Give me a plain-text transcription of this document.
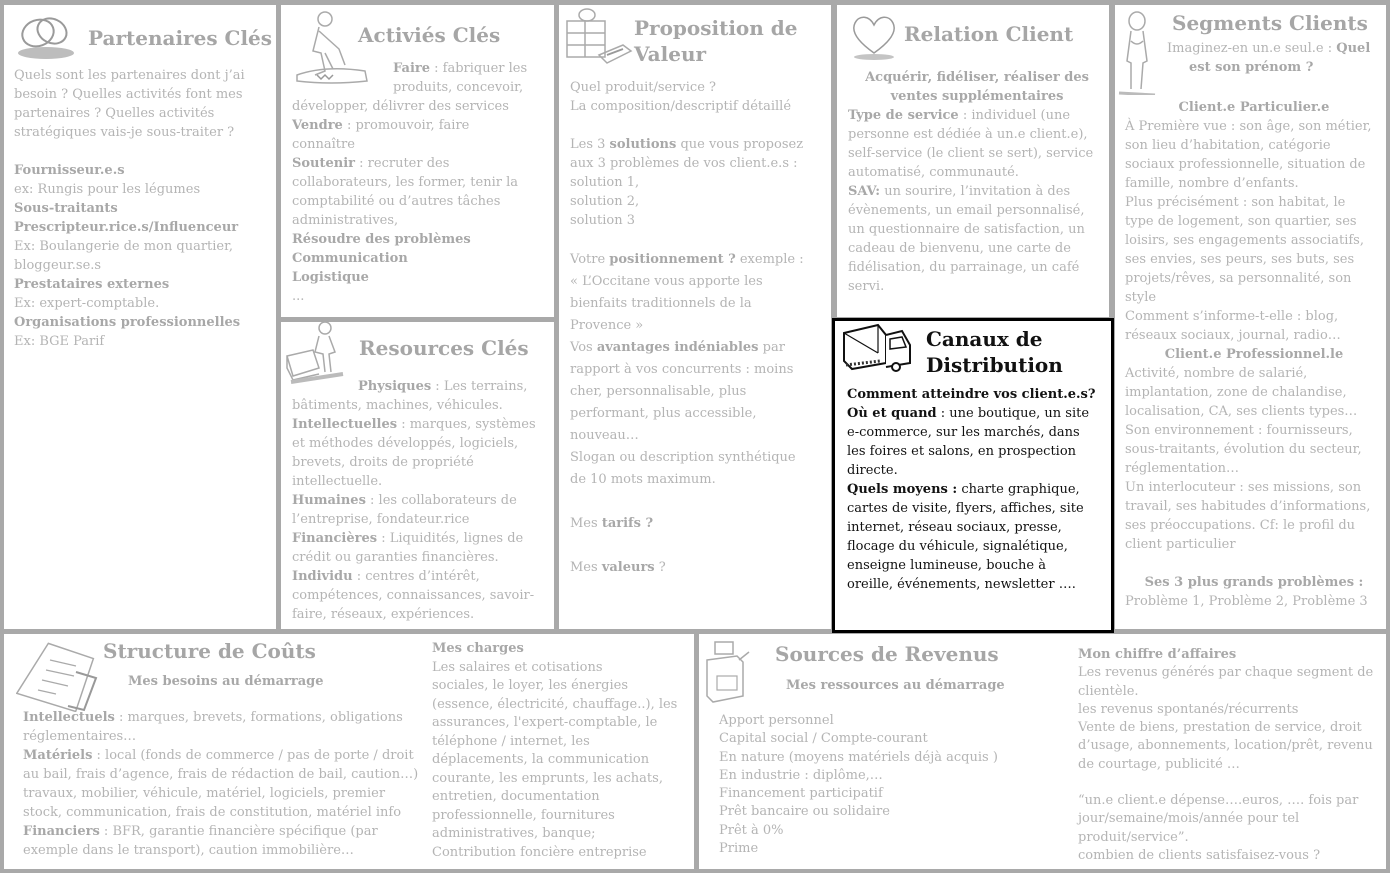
Partenaires Clés
Quels sont les partenaires dont j’ai
besoin ? Quelles activités font mes
partenaires ? Quelles activités
stratégiques vais-je sous-traiter ?
Fournisseur.e.s
ex: Rungis pour les légumes
Sous-traitants
Prescripteur.rice.s/Influenceur
Ex: Boulangerie de mon quartier,
bloggeur.se.s
Prestataires externes
Ex: expert-comptable.
Organisations professionnelles
Ex: BGE Parif
Activiés Clés
Faire : fabriquer les
produits, concevoir,
développer, délivrer des services
Vendre : promouvoir, faire
connaître
Soutenir : recruter des
collaborateurs, les former, tenir la
comptabilité ou d’autres tâches
administratives,
Résoudre des problèmes
Communication
Logistique
...
Resources Clés
Physiques : Les terrains,
bâtiments, machines, véhicules.
Intellectuelles : marques, systèmes
et méthodes développés, logiciels,
brevets, droits de propriété
intellectuelle.
Humaines : les collaborateurs de
l’entreprise, fondateur.rice
Financières : Liquidités, lignes de
crédit ou garanties financières.
Individu : centres d’intérêt,
compétences, connaissances, savoir-
faire, réseaux, expériences.
Proposition de
Valeur
Quel produit/service ?
La composition/descriptif détaillé
Les 3 solutions que vous proposez
aux 3 problèmes de vos client.e.s :
solution 1,
solution 2,
solution 3
Votre positionnement ? exemple :
« L’Occitane vous apporte les
bienfaits traditionnels de la
Provence »
Vos avantages indéniables par
rapport à vos concurrents : moins
cher, personnalisable, plus
performant, plus accessible,
nouveau…
Slogan ou description synthétique
de 10 mots maximum.
Mes tarifs ?
Mes valeurs ?
Relation Client
Acquérir, fidéliser, réaliser des
ventes supplémentaires
Type de service : individuel (une
personne est dédiée à un.e client.e),
self-service (le client se sert), service
automatisé, communauté.
SAV: un sourire, l’invitation à des
évènements, un email personnalisé,
un questionnaire de satisfaction, un
cadeau de bienvenu, une carte de
fidélisation, du parrainage, un café
servi.
Canaux de
Distribution
Comment atteindre vos client.e.s?
Où et quand : une boutique, un site
e-commerce, sur les marchés, dans
les foires et salons, en prospection
directe.
Quels moyens : charte graphique,
cartes de visite, flyers, affiches, site
internet, réseau sociaux, presse,
flocage du véhicule, signalétique,
enseigne lumineuse, bouche à
oreille, événements, newsletter ….
Segments Clients
Imaginez-en un.e seul.e : Quel
est son prénom ?
Client.e Particulier.e
À Première vue : son âge, son métier,
son lieu d’habitation, catégorie
sociaux professionnelle, situation de
famille, nombre d’enfants.
Plus précisément : son habitat, le
type de logement, son quartier, ses
loisirs, ses engagements associatifs,
ses envies, ses peurs, ses buts, ses
projets/rêves, sa personnalité, son
style
Comment s’informe-t-elle : blog,
réseaux sociaux, journal, radio…
Client.e Professionnel.le
Activité, nombre de salarié,
implantation, zone de chalandise,
localisation, CA, ses clients types…
Son environnement : fournisseurs,
sous-traitants, évolution du secteur,
réglementation…
Un interlocuteur : ses missions, son
travail, ses habitudes d’informations,
ses préoccupations. Cf: le profil du
client particulier
Ses 3 plus grands problèmes :
Problème 1, Problème 2, Problème 3
Structure de Coûts
Mes besoins au démarrage
Intellectuels : marques, brevets, formations, obligations
réglementaires…
Matériels : local (fonds de commerce / pas de porte / droit
au bail, frais d’agence, frais de rédaction de bail, caution…)
travaux, mobilier, véhicule, matériel, logiciels, premier
stock, communication, frais de constitution, matériel info
Financiers : BFR, garantie financière spécifique (par
exemple dans le transport), caution immobilière…
Mes charges
Les salaires et cotisations
sociales, le loyer, les énergies
(essence, électricité, chauffage..), les
assurances, l'expert-comptable, le
téléphone / internet, les
déplacements, la communication
courante, les emprunts, les achats,
entretien, documentation
professionnelle, fournitures
administratives, banque;
Contribution foncière entreprise
Sources de Revenus
Mes ressources au démarrage
Apport personnel
Capital social / Compte-courant
En nature (moyens matériels déjà acquis )
En industrie : diplôme,…
Financement participatif
Prêt bancaire ou solidaire
Prêt à 0%
Prime
Mon chiffre d’affaires
Les revenus générés par chaque segment de
clientèle.
les revenus spontanés/récurrents
Vente de biens, prestation de service, droit
d’usage, abonnements, location/prêt, revenu
de courtage, publicité …
“un.e client.e dépense….euros, …. fois par
jour/semaine/mois/année pour tel
produit/service”.
combien de clients satisfaisez-vous ?
